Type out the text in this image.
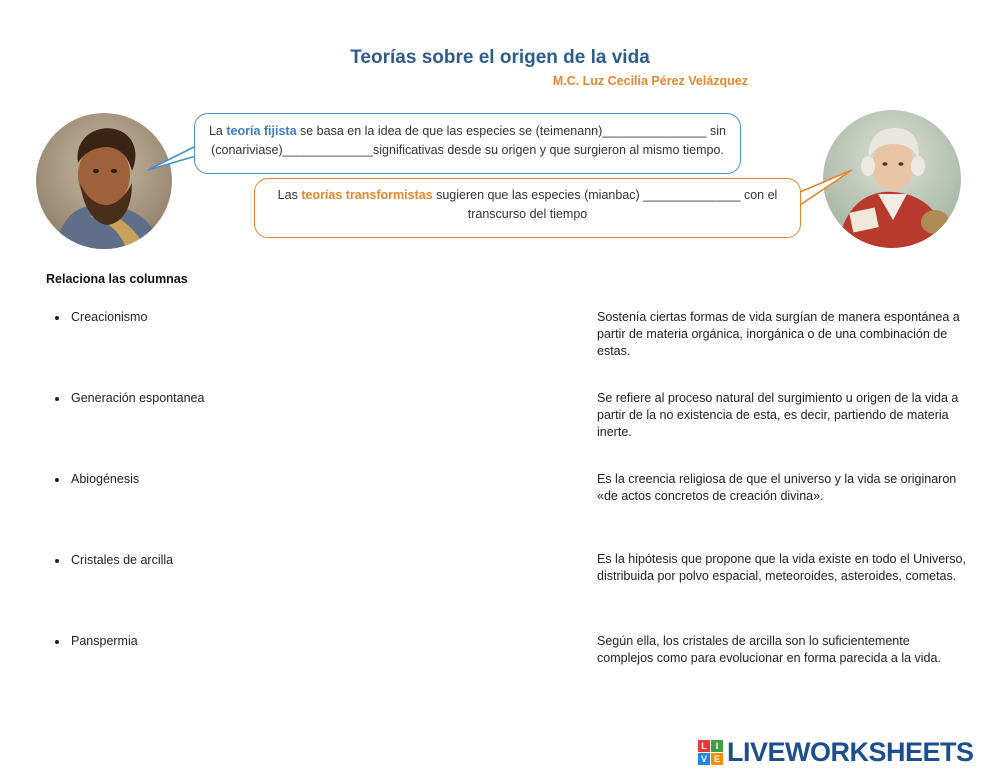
Teorías sobre el origen de la vida
M.C. Luz Cecilia Pérez Velázquez
La teoría fijista se basa en la idea de que las especies se (teimenann)_______________ sin (conariviase)_____________significativas desde su origen y que surgieron al mismo tiempo.
Las teorías transformistas sugieren que las especies (mianbac) ______________ con el transcurso del tiempo
Relaciona las columnas
Creacionismo
Generación espontanea
Abiogénesis
Cristales de arcilla
Panspermia
Sostenía ciertas formas de vida surgían de manera espontánea a partir de materia orgánica, inorgánica o de una combinación de estas.
Se refiere al proceso natural del surgimiento u origen de la vida a partir de la no existencia de esta, es decir, partiendo de materia inerte.
Es la creencia religiosa de que el universo y la vida se originaron «de actos concretos de creación divina».
Es la hipótesis que propone que la vida existe en todo el Universo, distribuida por polvo espacial, meteoroides, asteroides, cometas.
Según ella, los cristales de arcilla son lo suficientemente complejos como para evolucionar en forma parecida a la vida.
L I
V E LIVEWORKSHEETS
